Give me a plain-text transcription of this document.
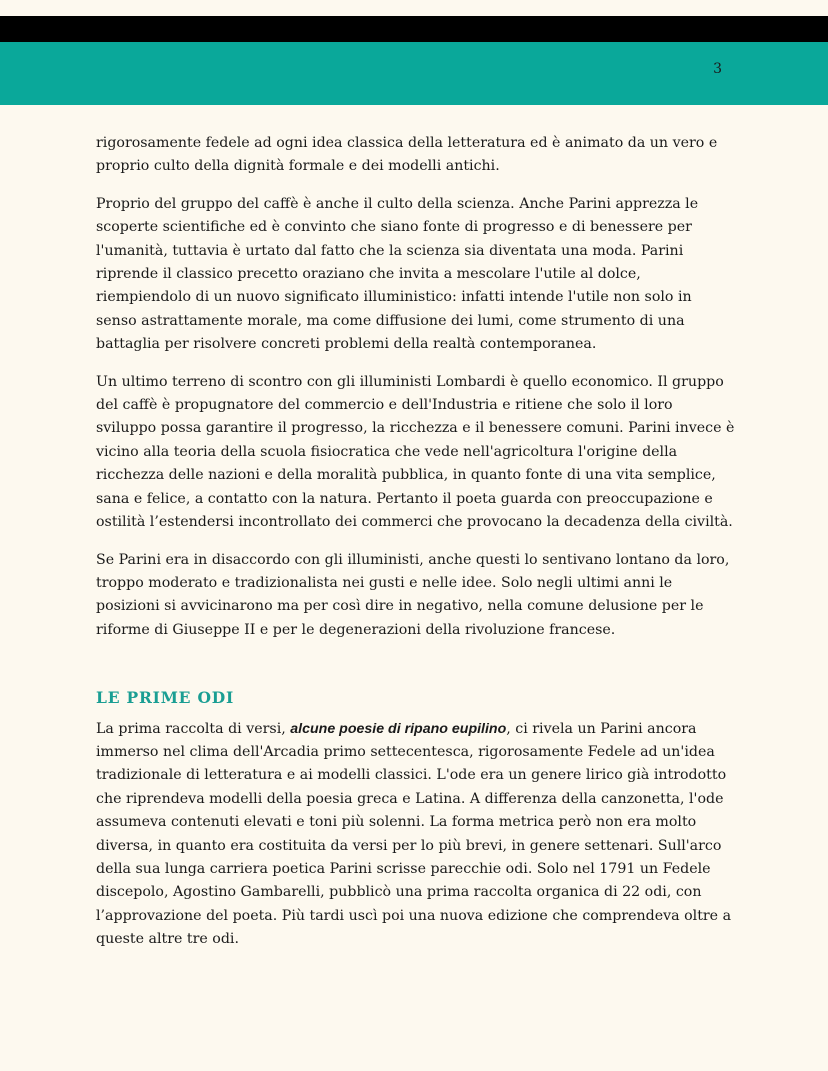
3

rigorosamente fedele ad ogni idea classica della letteratura ed è animato da un vero e proprio culto della dignità formale e dei modelli antichi.

Proprio del gruppo del caffè è anche il culto della scienza. Anche Parini apprezza le scoperte scientifiche ed è convinto che siano fonte di progresso e di benessere per l'umanità, tuttavia è urtato dal fatto che la scienza sia diventata una moda. Parini riprende il classico precetto oraziano che invita a mescolare l'utile al dolce, riempiendolo di un nuovo significato illuministico: infatti intende l'utile non solo in senso astrattamente morale, ma come diffusione dei lumi, come strumento di una battaglia per risolvere concreti problemi della realtà contemporanea.

Un ultimo terreno di scontro con gli illuministi Lombardi è quello economico. Il gruppo del caffè è propugnatore del commercio e dell'Industria e ritiene che solo il loro sviluppo possa garantire il progresso, la ricchezza e il benessere comuni. Parini invece è vicino alla teoria della scuola fisiocratica che vede nell'agricoltura l'origine della ricchezza delle nazioni e della moralità pubblica, in quanto fonte di una vita semplice, sana e felice, a contatto con la natura. Pertanto il poeta guarda con preoccupazione e ostilità l’estendersi incontrollato dei commerci che provocano la decadenza della civiltà.

Se Parini era in disaccordo con gli illuministi, anche questi lo sentivano lontano da loro, troppo moderato e tradizionalista nei gusti e nelle idee. Solo negli ultimi anni le posizioni si avvicinarono ma per così dire in negativo, nella comune delusione per le riforme di Giuseppe II e per le degenerazioni della rivoluzione francese.

LE PRIME ODI

La prima raccolta di versi, alcune poesie di ripano eupilino, ci rivela un Parini ancora immerso nel clima dell'Arcadia primo settecentesca, rigorosamente Fedele ad un'idea tradizionale di letteratura e ai modelli classici. L'ode era un genere lirico già introdotto che riprendeva modelli della poesia greca e Latina. A differenza della canzonetta, l'ode assumeva contenuti elevati e toni più solenni. La forma metrica però non era molto diversa, in quanto era costituita da versi per lo più brevi, in genere settenari. Sull'arco della sua lunga carriera poetica Parini scrisse parecchie odi. Solo nel 1791 un Fedele discepolo, Agostino Gambarelli, pubblicò una prima raccolta organica di 22 odi, con l’approvazione del poeta. Più tardi uscì poi una nuova edizione che comprendeva oltre a queste altre tre odi.
